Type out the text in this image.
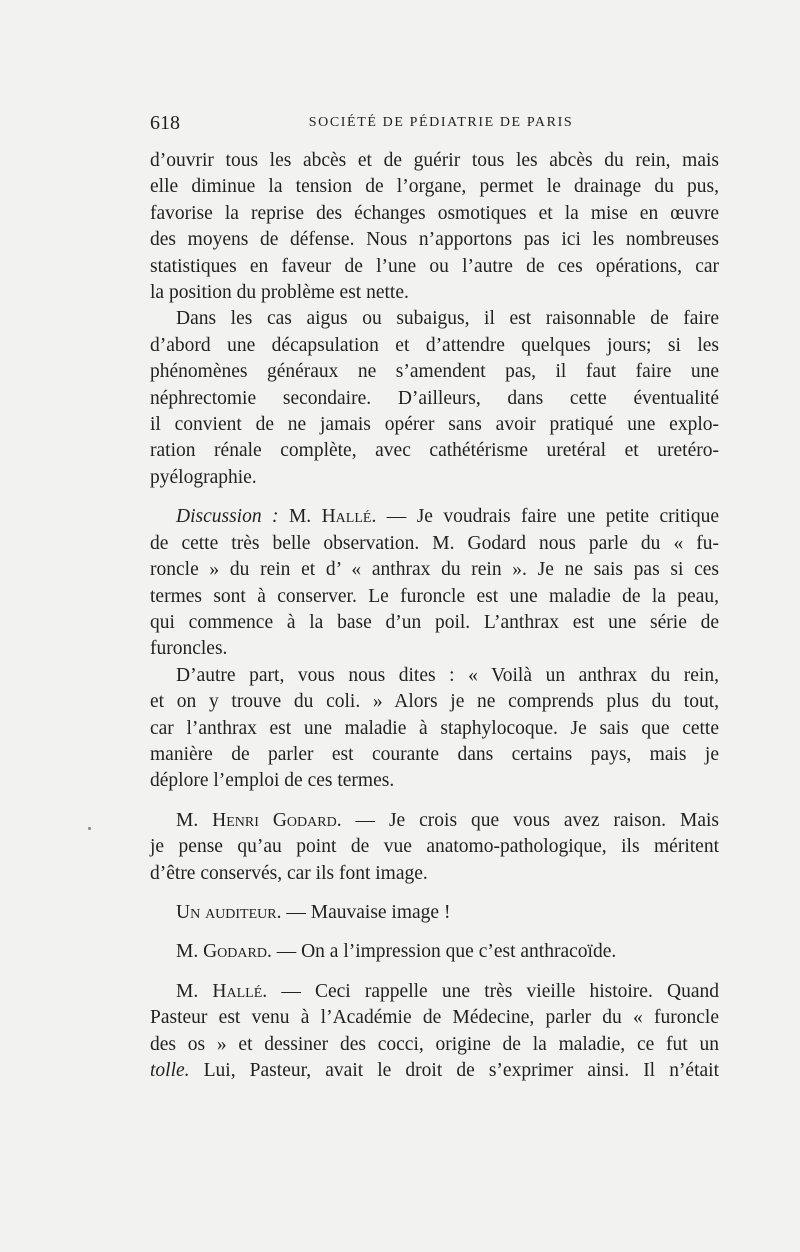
618	SOCIÉTÉ DE PÉDIATRIE DE PARIS

d’ouvrir tous les abcès et de guérir tous les abcès du rein, mais
elle diminue la tension de l’organe, permet le drainage du pus,
favorise la reprise des échanges osmotiques et la mise en œuvre
des moyens de défense. Nous n’apportons pas ici les nombreuses
statistiques en faveur de l’une ou l’autre de ces opérations, car
la position du problème est nette.

Dans les cas aigus ou subaigus, il est raisonnable de faire
d’abord une décapsulation et d’attendre quelques jours; si les
phénomènes généraux ne s’amendent pas, il faut faire une
néphrectomie secondaire. D’ailleurs, dans cette éventualité
il convient de ne jamais opérer sans avoir pratiqué une explo-
ration rénale complète, avec cathétérisme uretéral et uretéro-
pyélographie.

Discussion : M. Hallé. — Je voudrais faire une petite critique
de cette très belle observation. M. Godard nous parle du « fu-
roncle » du rein et d’ « anthrax du rein ». Je ne sais pas si ces
termes sont à conserver. Le furoncle est une maladie de la peau,
qui commence à la base d’un poil. L’anthrax est une série de
furoncles.

D’autre part, vous nous dites : « Voilà un anthrax du rein,
et on y trouve du coli. » Alors je ne comprends plus du tout,
car l’anthrax est une maladie à staphylocoque. Je sais que cette
manière de parler est courante dans certains pays, mais je
déplore l’emploi de ces termes.

M. Henri Godard. — Je crois que vous avez raison. Mais
je pense qu’au point de vue anatomo-pathologique, ils méritent
d’être conservés, car ils font image.

Un auditeur. — Mauvaise image !

M. Godard. — On a l’impression que c’est anthracoïde.

M. Hallé. — Ceci rappelle une très vieille histoire. Quand
Pasteur est venu à l’Académie de Médecine, parler du « furoncle
des os » et dessiner des cocci, origine de la maladie, ce fut un
tolle. Lui, Pasteur, avait le droit de s’exprimer ainsi. Il n’était
